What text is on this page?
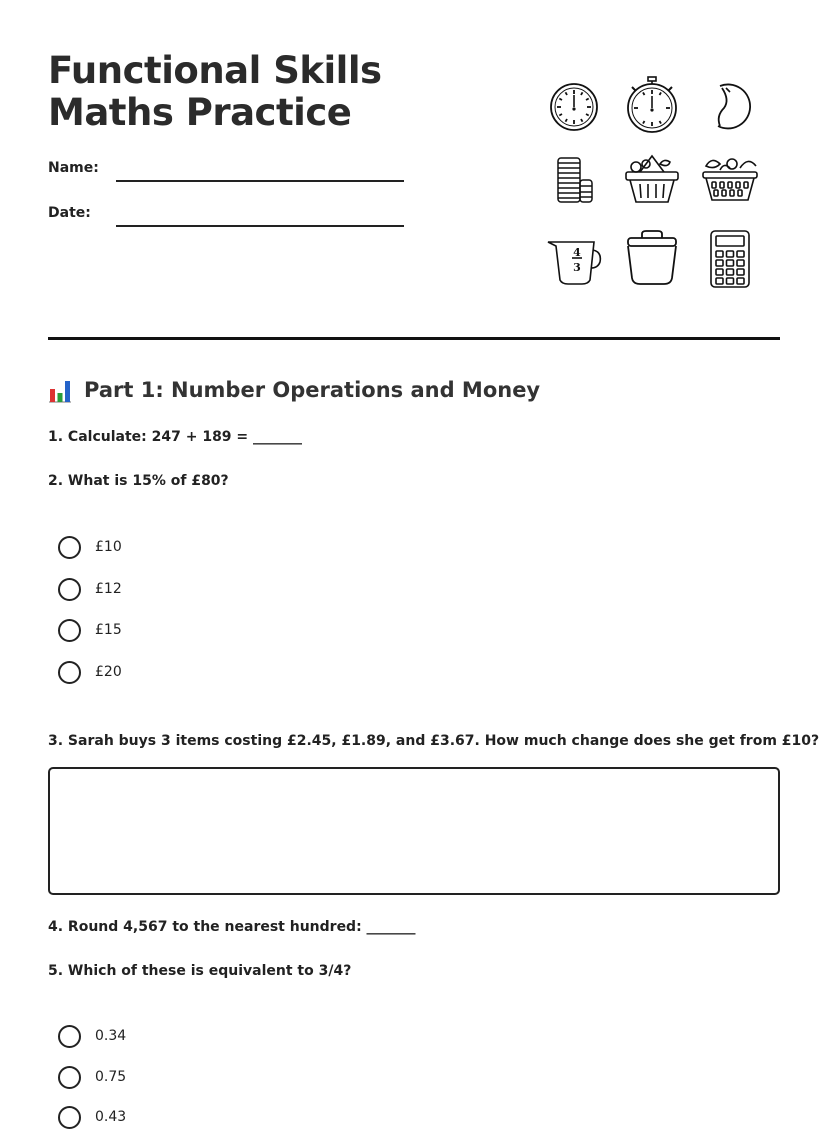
Functional Skills Maths Practice
Name:
Date:
4
3
Part 1: Number Operations and Money
1. Calculate: 247 + 189 = _______
2. What is 15% of £80?
£10
£12
£15
£20
3. Sarah buys 3 items costing £2.45, £1.89, and £3.67. How much change does she get from £10?
4. Round 4,567 to the nearest hundred: _______
5. Which of these is equivalent to 3/4?
0.34
0.75
0.43
